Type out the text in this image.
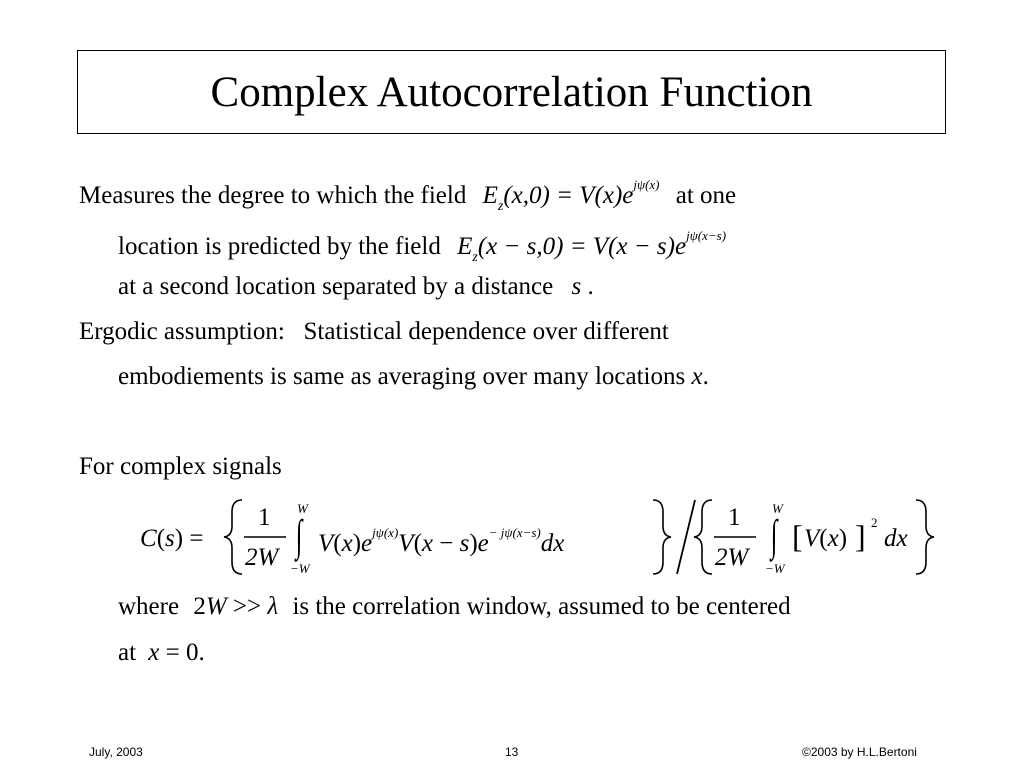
Complex Autocorrelation Function
Measures the degree to which the field $E_z(x,0) = V(x)e^{j\psi(x)}$ at one
location is predicted by the field $E_z(x - s,0) = V(x - s)e^{j\psi(x-s)}$
at a second location separated by a distance s .
Ergodic assumption:   Statistical dependence over different
embodiements is same as averaging over many locations x.
For complex signals
C(s) =
1
2W
W
∫
−W
$V(x)e^{j\psi(x)}V(x - s)e^{- j\psi(x-s)}dx$
1
2W
W
∫
−W
[ V(x) ] 2
dx
where 2W >> λ is the correlation window, assumed to be centered
at x = 0.
July, 2003	13	©2003 by H.L.Bertoni
